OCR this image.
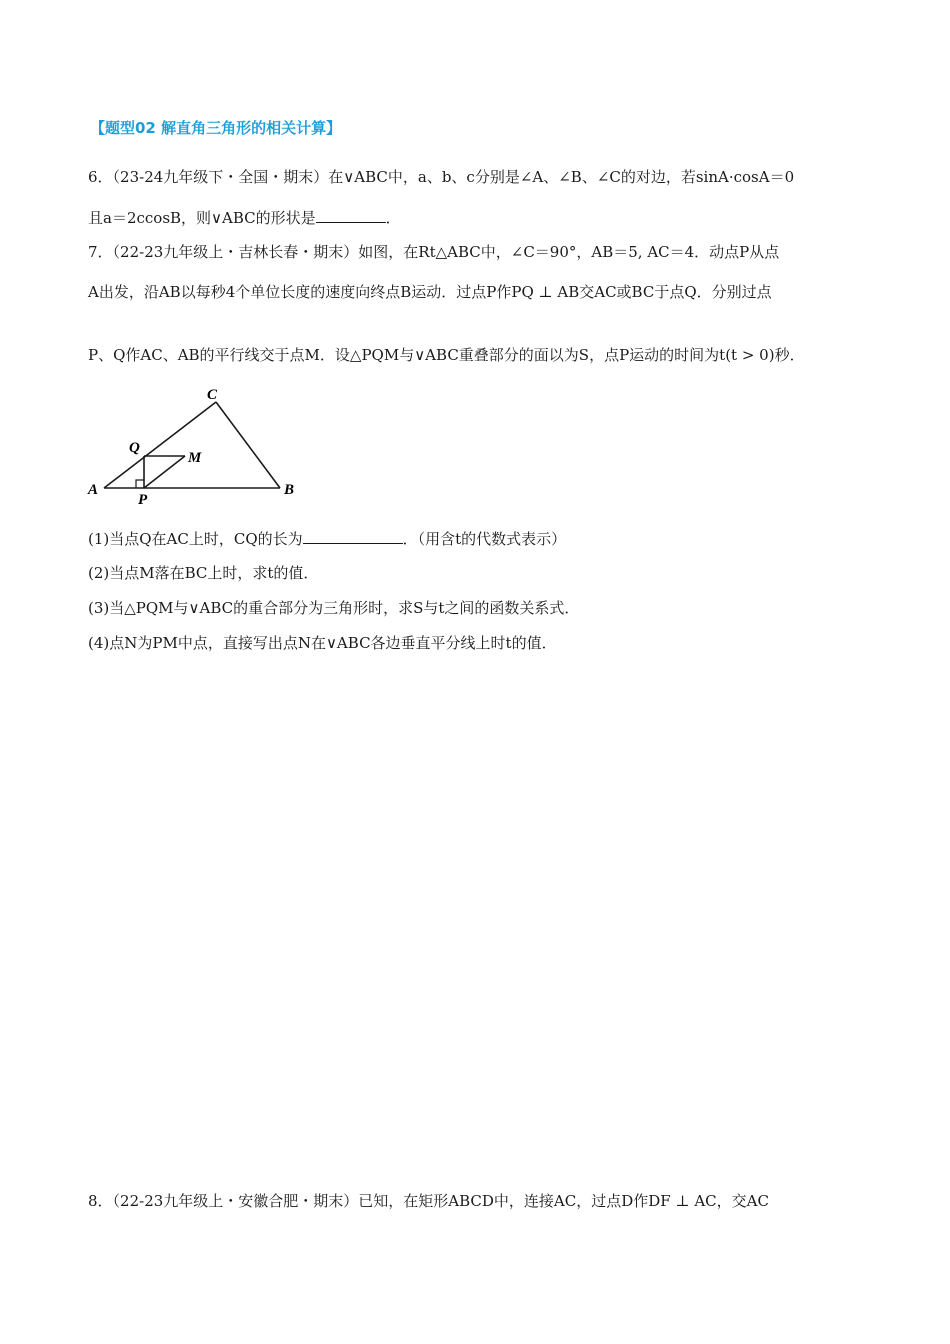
【题型02 解直角三角形的相关计算】
6．（23-24九年级下・全国・期末）在∨ABC中，a、b、c分别是∠A、∠B、∠C的对边，若sinA·cosA＝0
且a＝2ccosB，则∨ABC的形状是	．
7．（22-23九年级上・吉林长春・期末）如图，在Rt△ABC中，∠C＝90°，AB＝5, AC＝4．动点P从点
A出发，沿AB以每秒4个单位长度的速度向终点B运动．过点P作PQ ⊥ AB交AC或BC于点Q．分别过点
P、Q作AC、AB的平行线交于点M．设△PQM与∨ABC重叠部分的面以为S，点P运动的时间为t(t > 0)秒．
C
A	B
Q
M
P
(1)当点Q在AC上时，CQ的长为	．（用含t的代数式表示）
(2)当点M落在BC上时，求t的值．
(3)当△PQM与∨ABC的重合部分为三角形时，求S与t之间的函数关系式．
(4)点N为PM中点，直接写出点N在∨ABC各边垂直平分线上时t的值．
8．（22-23九年级上・安徽合肥・期末）已知，在矩形ABCD中，连接AC，过点D作DF ⊥ AC，交AC
